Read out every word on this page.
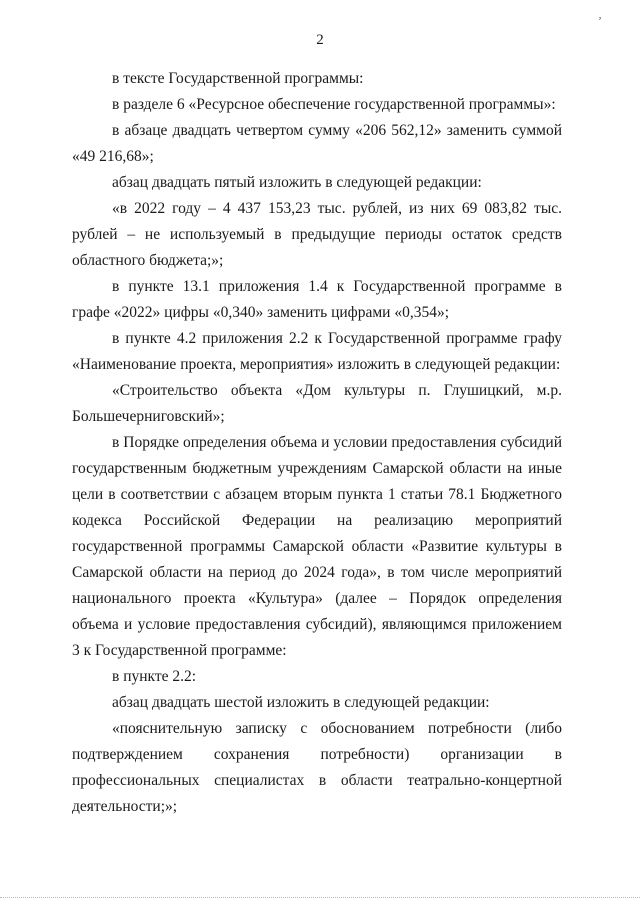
ʼ
2

в тексте Государственной программы:

в разделе 6 «Ресурсное обеспечение государственной программы»:

в абзаце двадцать четвертом сумму «206 562,12» заменить суммой «49 216,68»;

абзац двадцать пятый изложить в следующей редакции:

«в 2022 году – 4 437 153,23 тыс. рублей, из них 69 083,82 тыс. рублей – не используемый в предыдущие периоды остаток средств областного бюджета;»;

в пункте 13.1 приложения 1.4 к Государственной программе в графе «2022» цифры «0,340» заменить цифрами «0,354»;

в пункте 4.2 приложения 2.2 к Государственной программе графу «Наименование проекта, мероприятия» изложить в следующей редакции:

«Строительство объекта «Дом культуры п. Глушицкий, м.р. Большечерниговский»;

в Порядке определения объема и условии предоставления субсидий государственным бюджетным учреждениям Самарской области на иные цели в соответствии с абзацем вторым пункта 1 статьи 78.1 Бюджетного кодекса Российской Федерации на реализацию мероприятий государственной программы Самарской области «Развитие культуры в Самарской области на период до 2024 года», в том числе мероприятий национального проекта «Культура» (далее – Порядок определения объема и условие предоставления субсидий), являющимся приложением 3 к Государственной программе:

в пункте 2.2:

абзац двадцать шестой изложить в следующей редакции:

«пояснительную записку с обоснованием потребности (либо подтверждением сохранения потребности) организации в профессиональных специалистах в области театрально-концертной деятельности;»;
